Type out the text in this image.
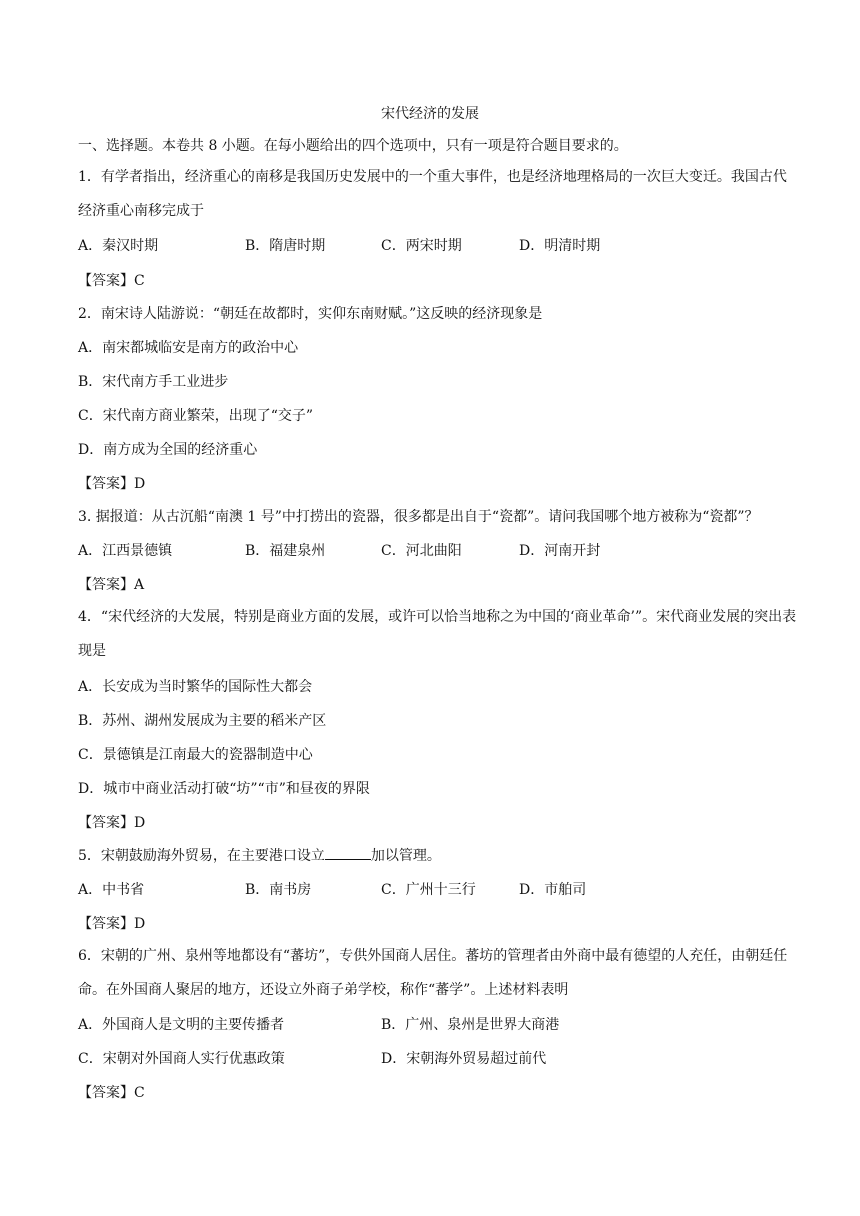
宋代经济的发展
一、选择题。本卷共 8 小题。在每小题给出的四个选项中，只有一项是符合题目要求的。
1．有学者指出，经济重心的南移是我国历史发展中的一个重大事件，也是经济地理格局的一次巨大变迁。我国古代经济重心南移完成于
A．秦汉时期	B．隋唐时期	C．两宋时期	D．明清时期
【答案】C
2．南宋诗人陆游说：“朝廷在故都时，实仰东南财赋。”这反映的经济现象是
A．南宋都城临安是南方的政治中心
B．宋代南方手工业进步
C．宋代南方商业繁荣，出现了“交子”
D．南方成为全国的经济重心
【答案】D
3. 据报道：从古沉船“南澳 1 号”中打捞出的瓷器，很多都是出自于“瓷都”。请问我国哪个地方被称为“瓷都”？
A．江西景德镇	B．福建泉州	C．河北曲阳	D．河南开封
【答案】A
4．“宋代经济的大发展，特别是商业方面的发展，或许可以恰当地称之为中国的‘商业革命’”。宋代商业发展的突出表现是
A．长安成为当时繁华的国际性大都会
B．苏州、湖州发展成为主要的稻米产区
C．景德镇是江南最大的瓷器制造中心
D．城市中商业活动打破“坊”“市”和昼夜的界限
【答案】D
5．宋朝鼓励海外贸易，在主要港口设立	加以管理。
A．中书省	B．南书房	C．广州十三行	D．市舶司
【答案】D
6．宋朝的广州、泉州等地都设有“蕃坊”，专供外国商人居住。蕃坊的管理者由外商中最有德望的人充任，由朝廷任命。在外国商人聚居的地方，还设立外商子弟学校，称作“蕃学”。上述材料表明
A．外国商人是文明的主要传播者	B．广州、泉州是世界大商港
C．宋朝对外国商人实行优惠政策	D．宋朝海外贸易超过前代
【答案】C
